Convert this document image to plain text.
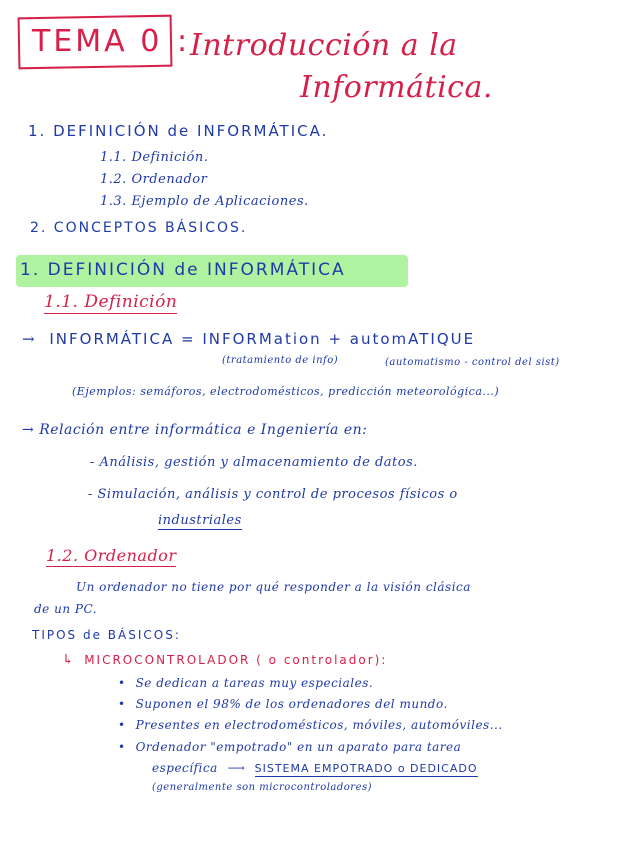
TEMA 0 : Introducción a la
Informática.
1. DEFINICIÓN de INFORMÁTICA.
1.1. Definición.
1.2. Ordenador
1.3. Ejemplo de Aplicaciones.
2. CONCEPTOS BÁSICOS.
1. DEFINICIÓN de INFORMÁTICA
1.1. Definición
→ INFORMÁTICA = INFORMation + automATIQUE
(tratamiento de info)	(automatismo - control del sist)
(Ejemplos: semáforos, electrodomésticos, predicción meteorológica...)
→ Relación entre informática e Ingeniería en:
- Análisis, gestión y almacenamiento de datos.
- Simulación, análisis y control de procesos físicos o
industriales
1.2. Ordenador
Un ordenador no tiene por qué responder a la visión clásica
de un PC.
TIPOS de BÁSICOS:
↳ MICROCONTROLADOR ( o controlador):
• Se dedican a tareas muy especiales.
• Suponen el 98% de los ordenadores del mundo.
• Presentes en electrodomésticos, móviles, automóviles...
• Ordenador "empotrado" en un aparato para tarea
específica ⟶ SISTEMA EMPOTRADO o DEDICADO
(generalmente son microcontroladores)
